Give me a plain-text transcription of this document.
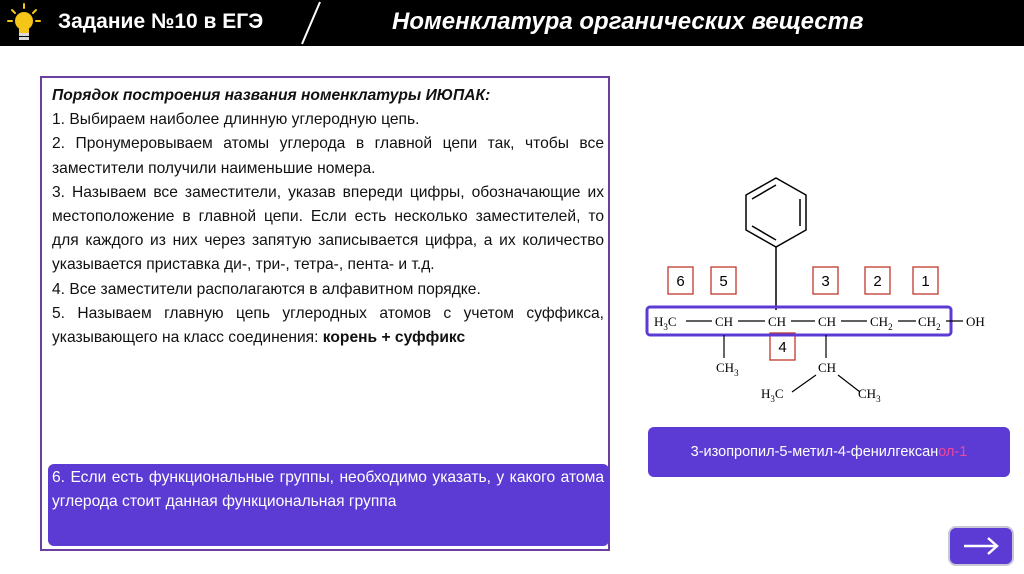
Задание №10 в ЕГЭ	Номенклатура органических веществ

Порядок построения названия номенклатуры ИЮПАК:

1. Выбираем наиболее длинную углеродную цепь.

2. Пронумеровываем атомы углерода в главной цепи так, чтобы все заместители получили наименьшие номера.

3. Называем все заместители, указав впереди цифры, обозначающие их местоположение в главной цепи. Если есть несколько заместителей, то для каждого из них через запятую записывается цифра, а их количество указывается приставка ди-, три-, тетра-, пента- и т.д.

4. Все заместители располагаются в алфавитном порядке.

5. Называем главную цепь углеродных атомов с учетом суффикса, указывающего на класс соединения: корень + суффикс

6. Если есть функциональные группы, необходимо указать, у какого атома углерода стоит данная функциональная группа

6 5	3	2	1
4
$H_3C$	CH	CH CH	$CH_2$ $CH_2$ OH
$CH_3$	CH
$H_3C$	$CH_3$
3-изопропил-5-метил-4-фенилгексан ол-1
